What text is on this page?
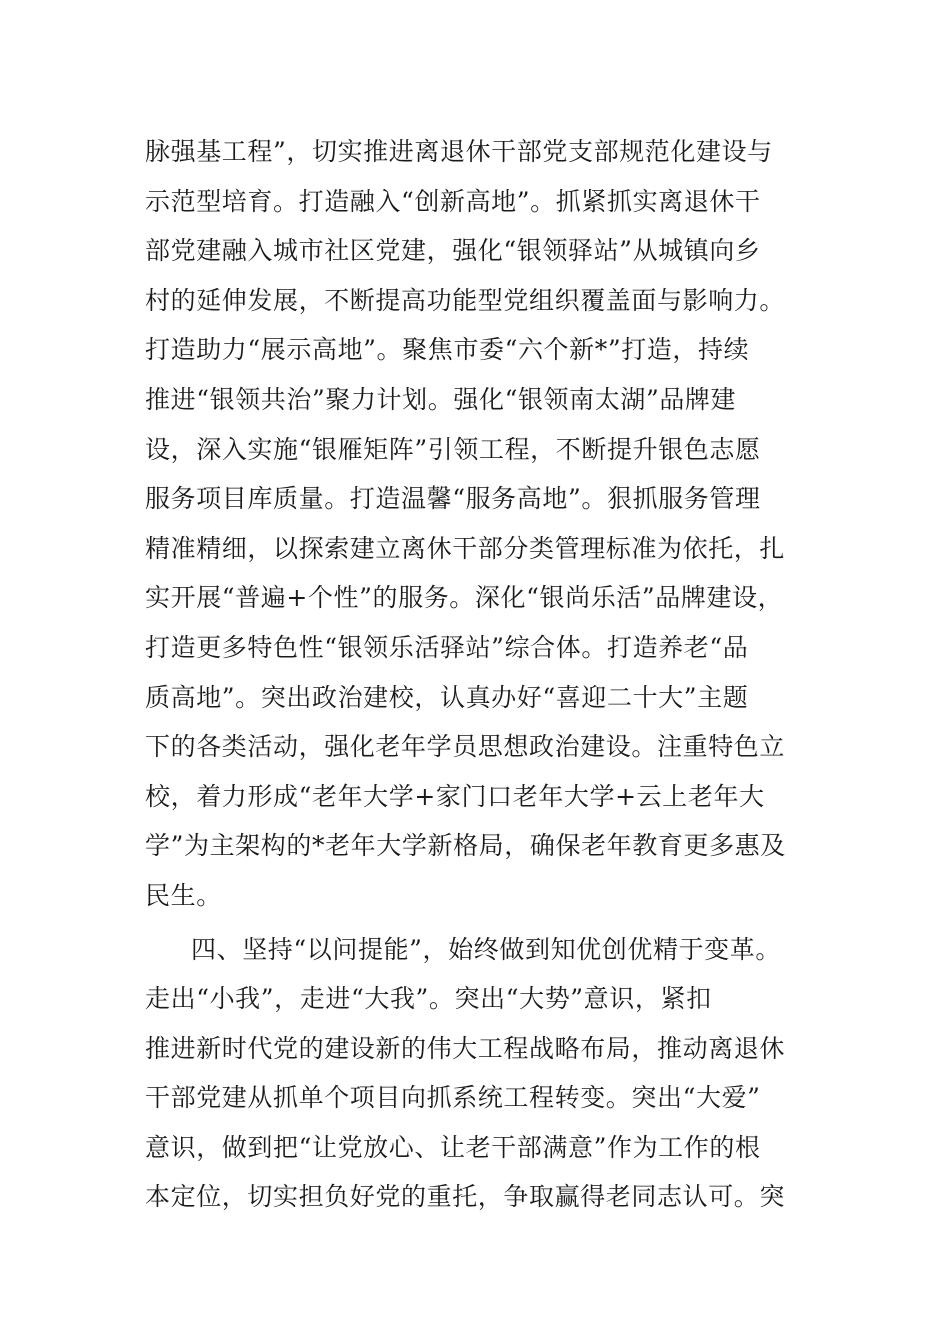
脉强基工程”，切实推进离退休干部党支部规范化建设与
示范型培育。打造融入“创新高地”。抓紧抓实离退休干
部党建融入城市社区党建，强化“银领驿站”从城镇向乡
村的延伸发展，不断提高功能型党组织覆盖面与影响力。
打造助力“展示高地”。聚焦市委“六个新*”打造，持续
推进“银领共治”聚力计划。强化“银领南太湖”品牌建
设，深入实施“银雁矩阵”引领工程，不断提升银色志愿
服务项目库质量。打造温馨“服务高地”。狠抓服务管理
精准精细，以探索建立离休干部分类管理标准为依托，扎
实开展“普遍+个性”的服务。深化“银尚乐活”品牌建设，
打造更多特色性“银领乐活驿站”综合体。打造养老“品
质高地”。突出政治建校，认真办好“喜迎二十大”主题
下的各类活动，强化老年学员思想政治建设。注重特色立
校，着力形成“老年大学+家门口老年大学+云上老年大
学”为主架构的*老年大学新格局，确保老年教育更多惠及
民生。
四、坚持“以问提能”，始终做到知优创优精于变革。
走出“小我”，走进“大我”。突出“大势”意识，紧扣
推进新时代党的建设新的伟大工程战略布局，推动离退休
干部党建从抓单个项目向抓系统工程转变。突出“大爱”
意识，做到把“让党放心、让老干部满意”作为工作的根
本定位，切实担负好党的重托，争取赢得老同志认可。突
